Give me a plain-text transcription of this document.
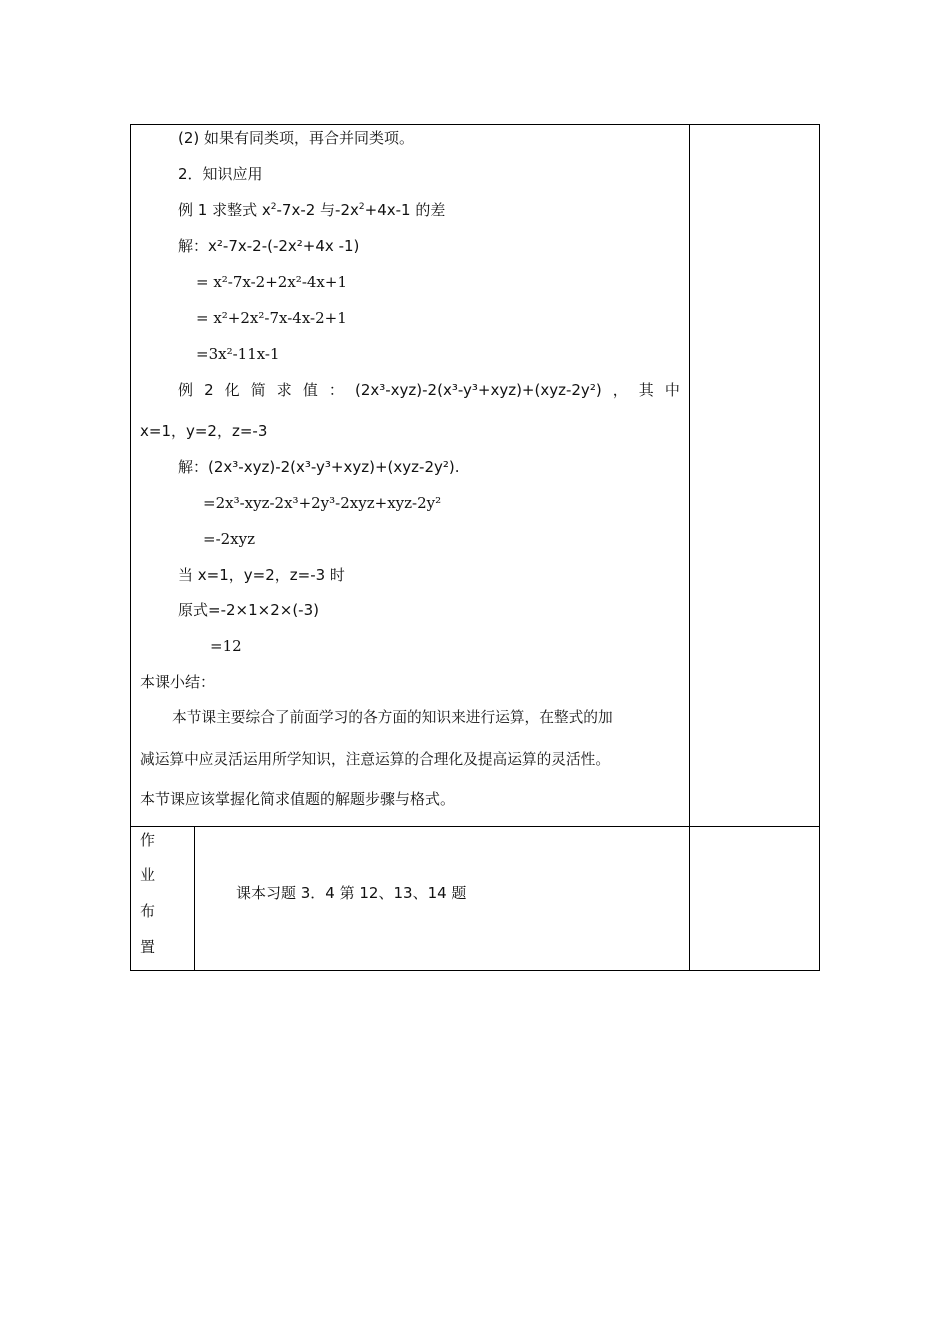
(2) 如果有同类项，再合并同类项。
2．知识应用
例 1 求整式 $x^2-7x-2$ 与$-2x^2+4x-1$ 的差
解：x²-7x-2-(-2x²+4x -1)
= x²-7x-2+2x²-4x+1
= x²+2x²-7x-4x-2+1
=3x²-11x-1
例 2 化 简 求 值 ： (2x³-xyz)-2(x³-y³+xyz)+(xyz-2y²) ， 其 中
x=1，y=2，z=-3
解：(2x³-xyz)-2(x³-y³+xyz)+(xyz-2y²).
=2x³-xyz-2x³+2y³-2xyz+xyz-2y²
=-2xyz
当 x=1，y=2，z=-3 时
原式=-2×1×2×(-3)
=12
本课小结：
本节课主要综合了前面学习的各方面的知识来进行运算，在整式的加
减运算中应灵活运用所学知识，注意运算的合理化及提高运算的灵活性。
本节课应该掌握化简求值题的解题步骤与格式。
作
业
布
置
课本习题 3．4 第 12、13、14 题
